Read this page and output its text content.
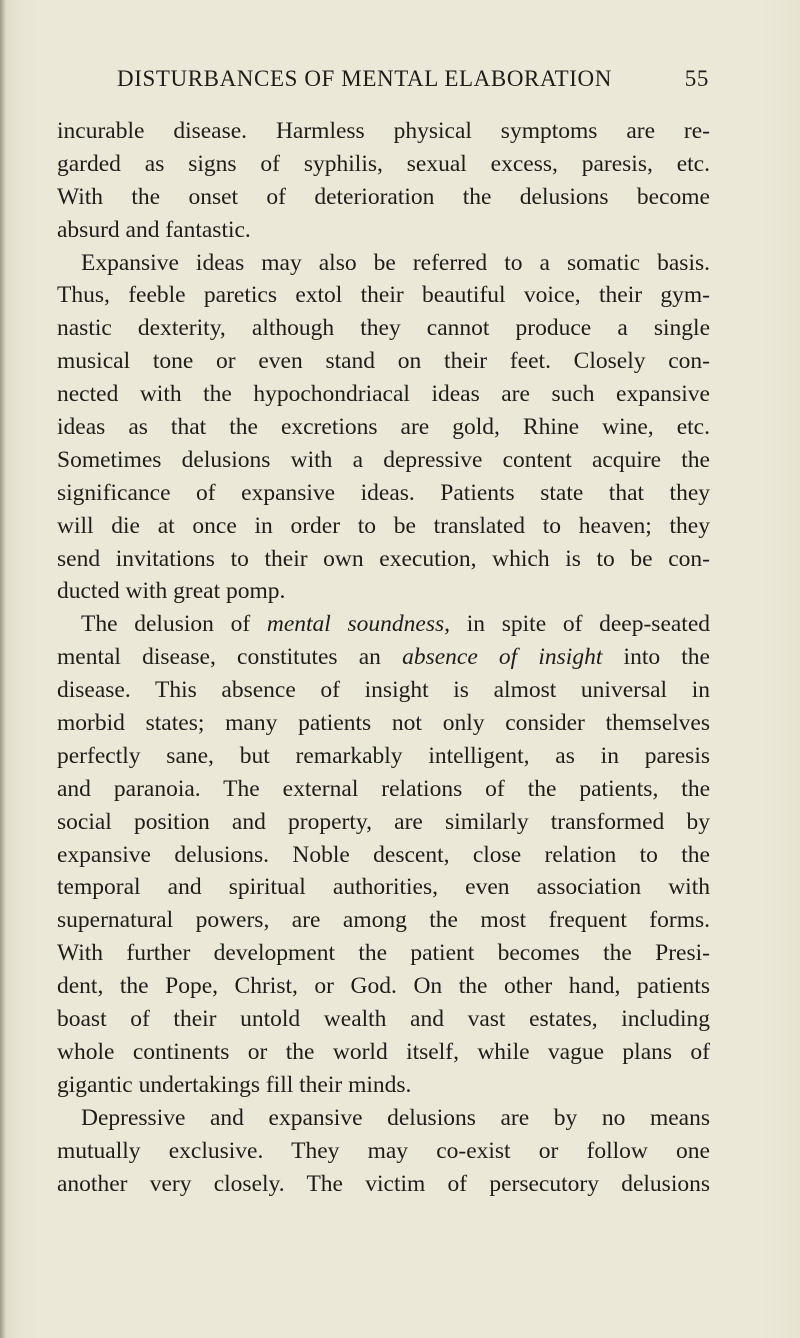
DISTURBANCES OF MENTAL ELABORATION	55
incurable disease. Harmless physical symptoms are re-
garded as signs of syphilis, sexual excess, paresis, etc.
With the onset of deterioration the delusions become
absurd and fantastic.
Expansive ideas may also be referred to a somatic basis.
Thus, feeble paretics extol their beautiful voice, their gym-
nastic dexterity, although they cannot produce a single
musical tone or even stand on their feet. Closely con-
nected with the hypochondriacal ideas are such expansive
ideas as that the excretions are gold, Rhine wine, etc.
Sometimes delusions with a depressive content acquire the
significance of expansive ideas. Patients state that they
will die at once in order to be translated to heaven; they
send invitations to their own execution, which is to be con-
ducted with great pomp.
The delusion of mental soundness, in spite of deep-seated
mental disease, constitutes an absence of insight into the
disease. This absence of insight is almost universal in
morbid states; many patients not only consider themselves
perfectly sane, but remarkably intelligent, as in paresis
and paranoia. The external relations of the patients, the
social position and property, are similarly transformed by
expansive delusions. Noble descent, close relation to the
temporal and spiritual authorities, even association with
supernatural powers, are among the most frequent forms.
With further development the patient becomes the Presi-
dent, the Pope, Christ, or God. On the other hand, patients
boast of their untold wealth and vast estates, including
whole continents or the world itself, while vague plans of
gigantic undertakings fill their minds.
Depressive and expansive delusions are by no means
mutually exclusive. They may co-exist or follow one
another very closely. The victim of persecutory delusions
